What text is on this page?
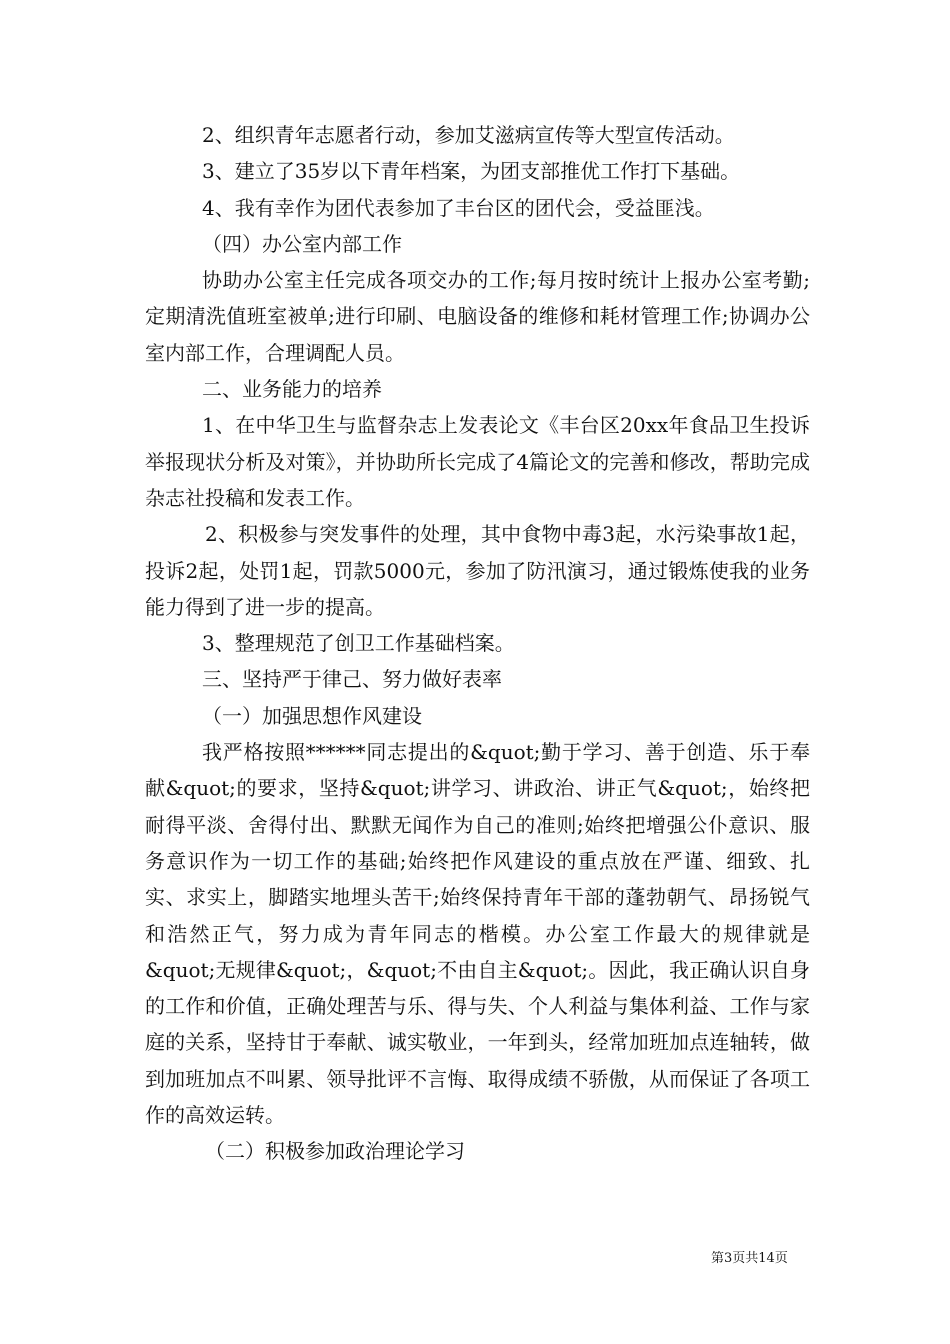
2、组织青年志愿者行动，参加艾滋病宣传等大型宣传活动。

3、建立了35岁以下青年档案，为团支部推优工作打下基础。

4、我有幸作为团代表参加了丰台区的团代会，受益匪浅。

（四）办公室内部工作

协助办公室主任完成各项交办的工作;每月按时统计上报办公室考勤;定期清洗值班室被单;进行印刷、电脑设备的维修和耗材管理工作;协调办公室内部工作，合理调配人员。

二、业务能力的培养

1、在中华卫生与监督杂志上发表论文《丰台区20xx年食品卫生投诉举报现状分析及对策》，并协助所长完成了4篇论文的完善和修改，帮助完成杂志社投稿和发表工作。

2、积极参与突发事件的处理，其中食物中毒3起，水污染事故1起，投诉2起，处罚1起，罚款5000元，参加了防汛演习，通过锻炼使我的业务能力得到了进一步的提高。

3、整理规范了创卫工作基础档案。

三、坚持严于律己、努力做好表率

（一）加强思想作风建设

我严格按照******同志提出的&quot;勤于学习、善于创造、乐于奉献&quot;的要求，坚持&quot;讲学习、讲政治、讲正气&quot;，始终把耐得平淡、舍得付出、默默无闻作为自己的准则;始终把增强公仆意识、服务意识作为一切工作的基础;始终把作风建设的重点放在严谨、细致、扎实、求实上，脚踏实地埋头苦干;始终保持青年干部的蓬勃朝气、昂扬锐气和浩然正气，努力成为青年同志的楷模。办公室工作最大的规律就是&quot;无规律&quot;，&quot;不由自主&quot;。因此，我正确认识自身的工作和价值，正确处理苦与乐、得与失、个人利益与集体利益、工作与家庭的关系，坚持甘于奉献、诚实敬业，一年到头，经常加班加点连轴转，做到加班加点不叫累、领导批评不言悔、取得成绩不骄傲，从而保证了各项工作的高效运转。

（二）积极参加政治理论学习

第3页共14页
